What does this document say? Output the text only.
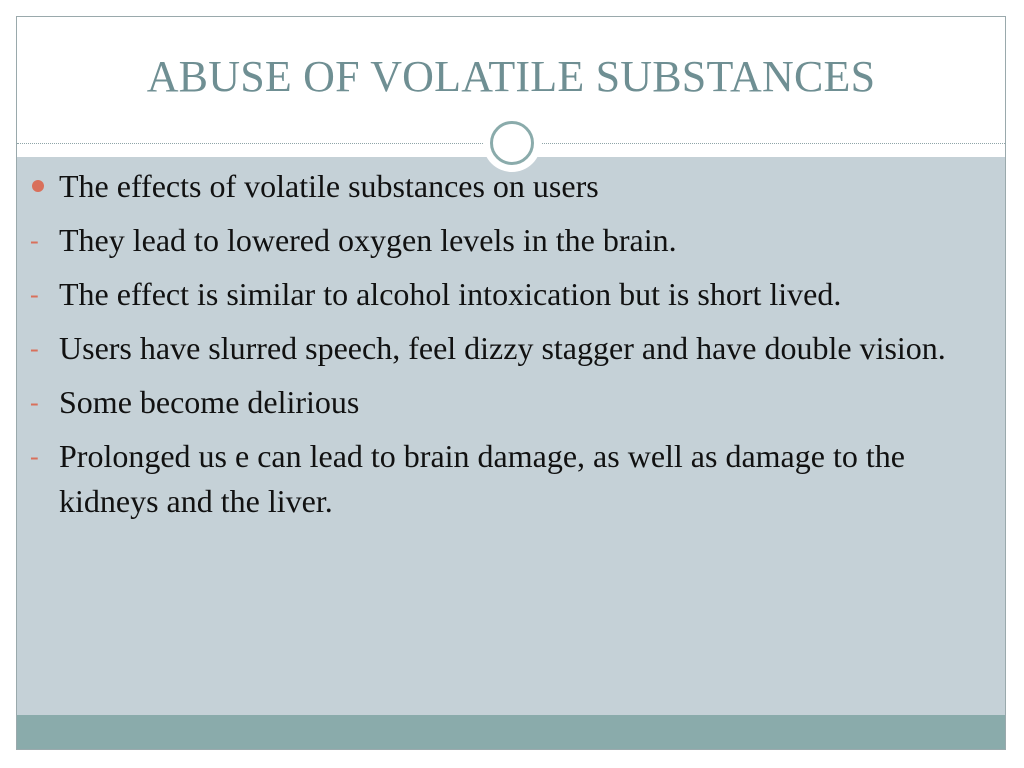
ABUSE OF VOLATILE SUBSTANCES
The effects of volatile substances on users
- They lead to lowered oxygen levels in the brain.
- The effect is similar to alcohol intoxication but is short lived.
- Users have slurred speech, feel dizzy stagger and have double vision.
- Some become delirious
- Prolonged us e can lead to brain damage, as well as damage to the kidneys and the liver.
